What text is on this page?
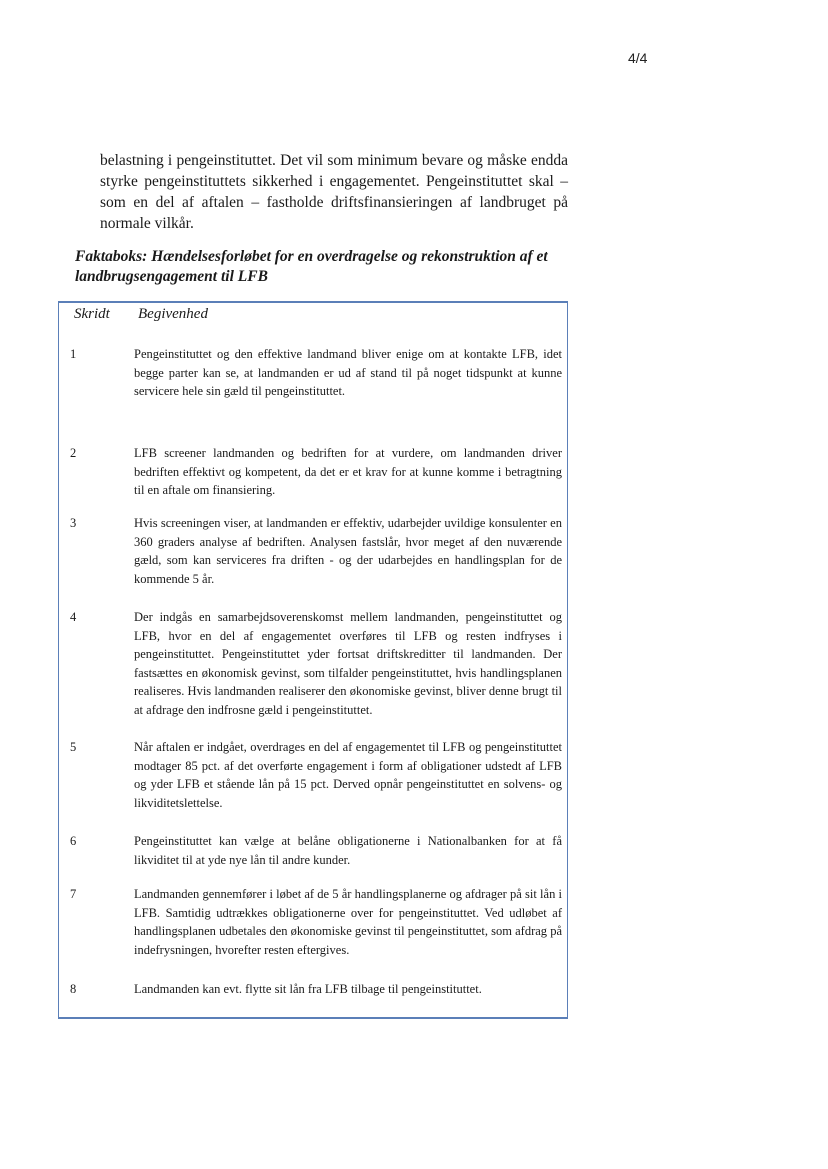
4/4
belastning i pengeinstituttet. Det vil som minimum bevare og måske endda styrke pengeinstituttets sikkerhed i engagementet. Pengeinstituttet skal – som en del af aftalen – fastholde driftsfinansieringen af landbruget på normale vilkår.
Faktaboks: Hændelsesforløbet for en overdragelse og rekonstruktion af et landbrugsengagement til LFB
Skridt Begivenhed
1	Pengeinstituttet og den effektive landmand bliver enige om at kontakte LFB, idet begge parter kan se, at landmanden er ud af stand til på noget tidspunkt at kunne servicere hele sin gæld til pengeinstituttet.
2	LFB screener landmanden og bedriften for at vurdere, om landmanden driver bedriften effektivt og kompetent, da det er et krav for at kunne komme i betragtning til en aftale om finansiering.
3	Hvis screeningen viser, at landmanden er effektiv, udarbejder uvildige konsulenter en 360 graders analyse af bedriften. Analysen fastslår, hvor meget af den nuværende gæld, som kan serviceres fra driften - og der udarbejdes en handlingsplan for de kommende 5 år.
4	Der indgås en samarbejdsoverenskomst mellem landmanden, pengeinstituttet og LFB, hvor en del af engagementet overføres til LFB og resten indfryses i pengeinstituttet. Pengeinstituttet yder fortsat driftskreditter til landmanden. Der fastsættes en økonomisk gevinst, som tilfalder pengeinstituttet, hvis handlingsplanen realiseres. Hvis landmanden realiserer den økonomiske gevinst, bliver denne brugt til at afdrage den indfrosne gæld i pengeinstituttet.
5	Når aftalen er indgået, overdrages en del af engagementet til LFB og pengeinstituttet modtager 85 pct. af det overførte engagement i form af obligationer udstedt af LFB og yder LFB et stående lån på 15 pct. Derved opnår pengeinstituttet en solvens- og likviditetslettelse.
6	Pengeinstituttet kan vælge at belåne obligationerne i Nationalbanken for at få likviditet til at yde nye lån til andre kunder.
7	Landmanden gennemfører i løbet af de 5 år handlingsplanerne og afdrager på sit lån i LFB. Samtidig udtrækkes obligationerne over for pengeinstituttet. Ved udløbet af handlingsplanen udbetales den økonomiske gevinst til pengeinstituttet, som afdrag på indefrysningen, hvorefter resten eftergives.
8	Landmanden kan evt. flytte sit lån fra LFB tilbage til pengeinstituttet.
